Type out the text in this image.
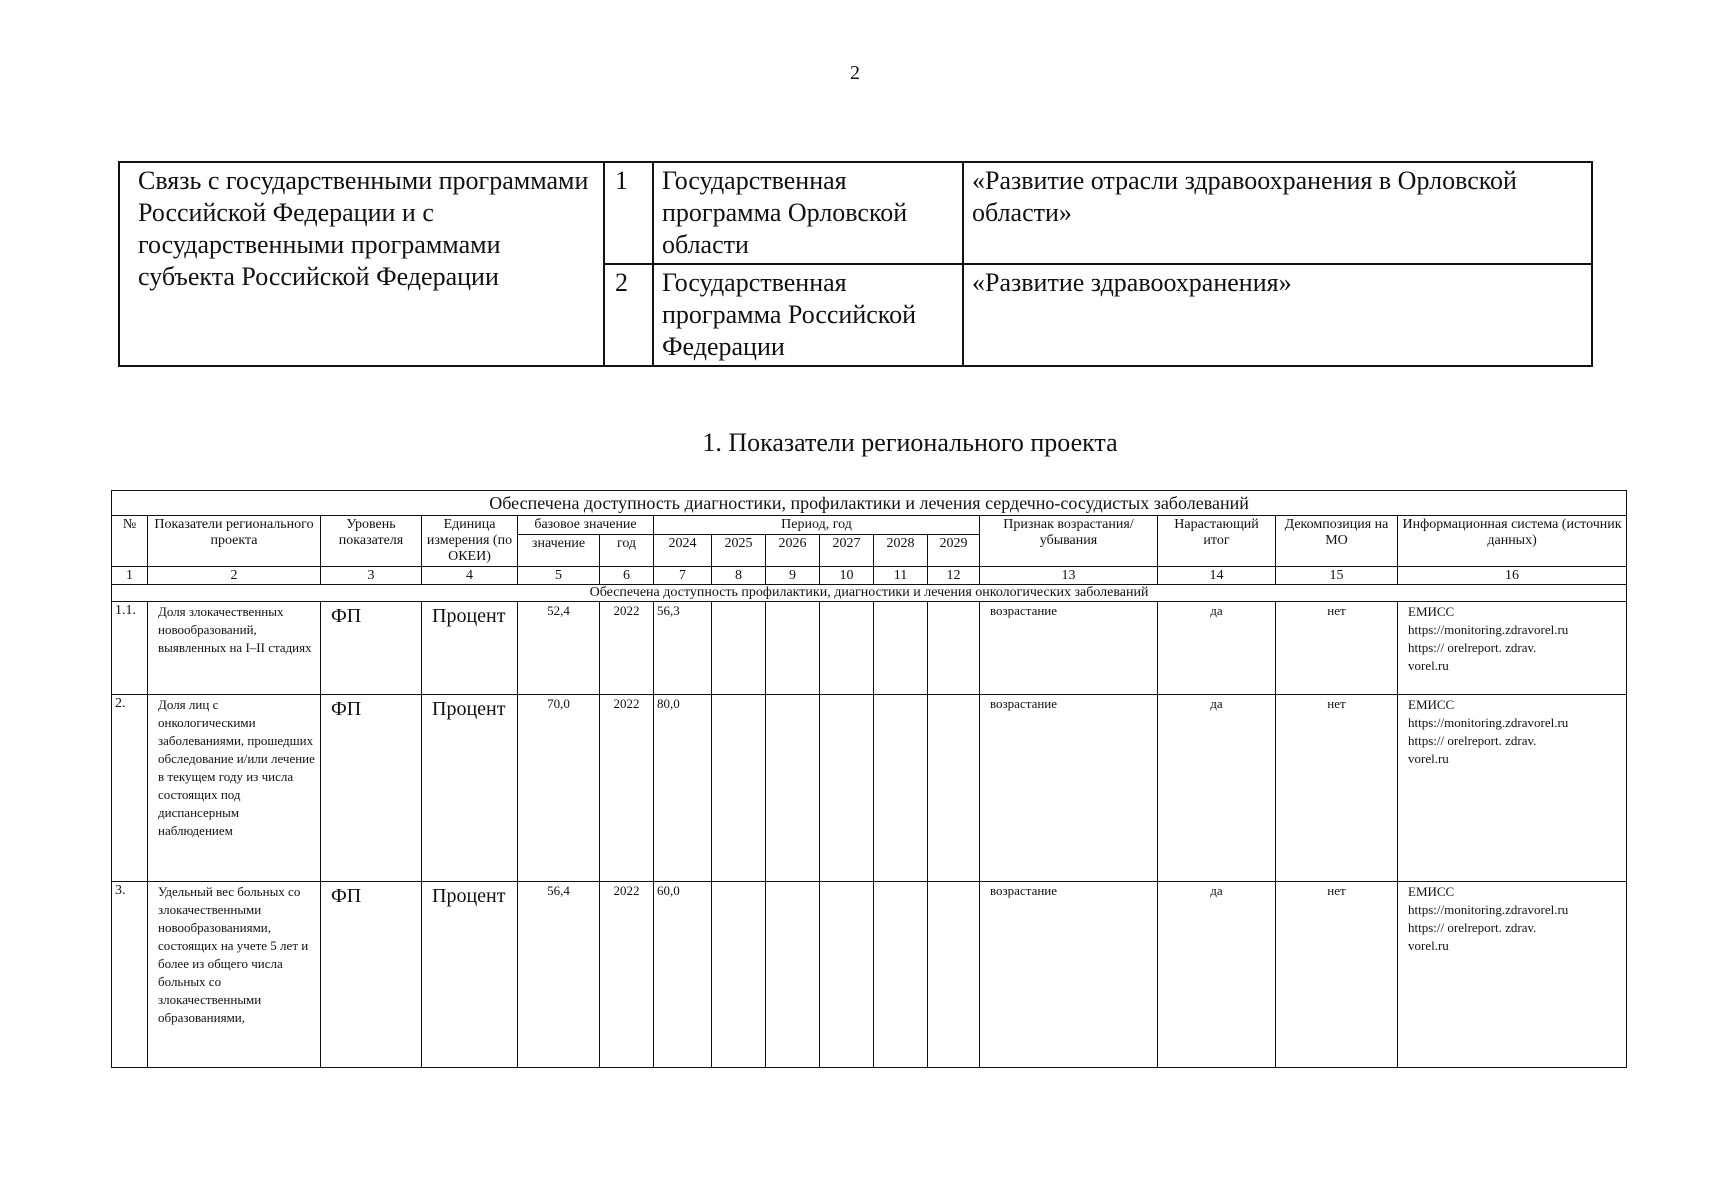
2
Связь с государственными программами Российской Федерации и с государственными программами субъекта Российской Федерации	1	Государственная программа Орловской области	«Развитие отрасли здравоохранения в Орловской области»
	2	Государственная программа Российской Федерации	«Развитие здравоохранения»
1. Показатели регионального проекта
Обеспечена доступность диагностики, профилактики и лечения сердечно-сосудистых заболеваний															
№	Показатели регионального проекта	Уровень показателя	Единица измерения (по ОКЕИ)	базовое значение		Период, год						Признак возрастания/убывания	Нарастающий итог	Декомпозиция на МО	Информационная система (источник данных)
				значение	год	2024	2025	2026	2027	2028	2029				
1	2	3	4	5	6	7	8	9	10	11	12	13	14	15	16
Обеспечена доступность профилактики, диагностики и лечения онкологических заболеваний															
1.1.	Доля злокачественных новообразований, выявленных на I–II стадиях	ФП	Процент	52,4	2022	56,3						возрастание	да	нет	ЕМИСС
https://monitoring.zdravorel.ru
https:// orelreport. zdrav.
vorel.ru

2.	Доля лиц с онкологическими заболеваниями, прошедших обследование и/или лечение в текущем году из числа состоящих под диспансерным наблюдением	ФП	Процент	70,0	2022	80,0						возрастание	да	нет	ЕМИСС
https://monitoring.zdravorel.ru
https:// orelreport. zdrav.
vorel.ru

3.	Удельный вес больных со злокачественными новообразованиями, состоящих на учете 5 лет и более из общего числа больных со злокачественными образованиями,	ФП	Процент	56,4	2022	60,0						возрастание	да	нет	ЕМИСС
https://monitoring.zdravorel.ru
https:// orelreport. zdrav.
vorel.ru
